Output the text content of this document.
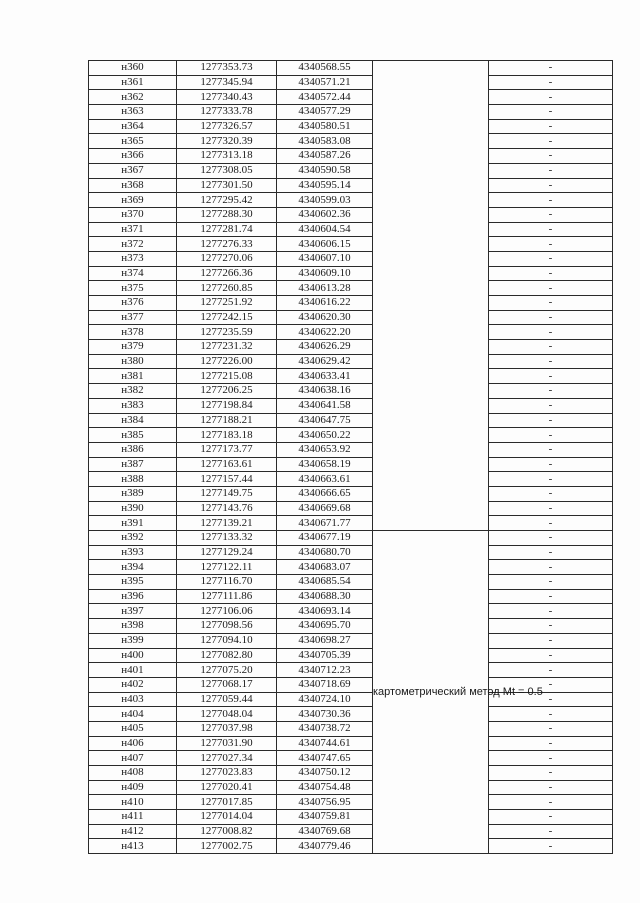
н360	1277353.73	4340568.55		-
н361	1277345.94	4340571.21		-
н362	1277340.43	4340572.44		-
н363	1277333.78	4340577.29		-
н364	1277326.57	4340580.51		-
н365	1277320.39	4340583.08		-
н366	1277313.18	4340587.26		-
н367	1277308.05	4340590.58		-
н368	1277301.50	4340595.14		-
н369	1277295.42	4340599.03		-
н370	1277288.30	4340602.36		-
н371	1277281.74	4340604.54		-
н372	1277276.33	4340606.15		-
н373	1277270.06	4340607.10		-
н374	1277266.36	4340609.10		-
н375	1277260.85	4340613.28		-
н376	1277251.92	4340616.22		-
н377	1277242.15	4340620.30		-
н378	1277235.59	4340622.20		-
н379	1277231.32	4340626.29		-
н380	1277226.00	4340629.42		-
н381	1277215.08	4340633.41		-
н382	1277206.25	4340638.16		-
н383	1277198.84	4340641.58		-
н384	1277188.21	4340647.75		-
н385	1277183.18	4340650.22		-
н386	1277173.77	4340653.92		-
н387	1277163.61	4340658.19		-
н388	1277157.44	4340663.61		-
н389	1277149.75	4340666.65		-
н390	1277143.76	4340669.68		-
н391	1277139.21	4340671.77		-
н392	1277133.32	4340677.19	картометрический метод Mt = 0.5	-
н393	1277129.24	4340680.70		-
н394	1277122.11	4340683.07		-
н395	1277116.70	4340685.54		-
н396	1277111.86	4340688.30		-
н397	1277106.06	4340693.14		-
н398	1277098.56	4340695.70		-
н399	1277094.10	4340698.27		-
н400	1277082.80	4340705.39		-
н401	1277075.20	4340712.23		-
н402	1277068.17	4340718.69		-
н403	1277059.44	4340724.10		-
н404	1277048.04	4340730.36		-
н405	1277037.98	4340738.72		-
н406	1277031.90	4340744.61		-
н407	1277027.34	4340747.65		-
н408	1277023.83	4340750.12		-
н409	1277020.41	4340754.48		-
н410	1277017.85	4340756.95		-
н411	1277014.04	4340759.81		-
н412	1277008.82	4340769.68		-
н413	1277002.75	4340779.46		-
